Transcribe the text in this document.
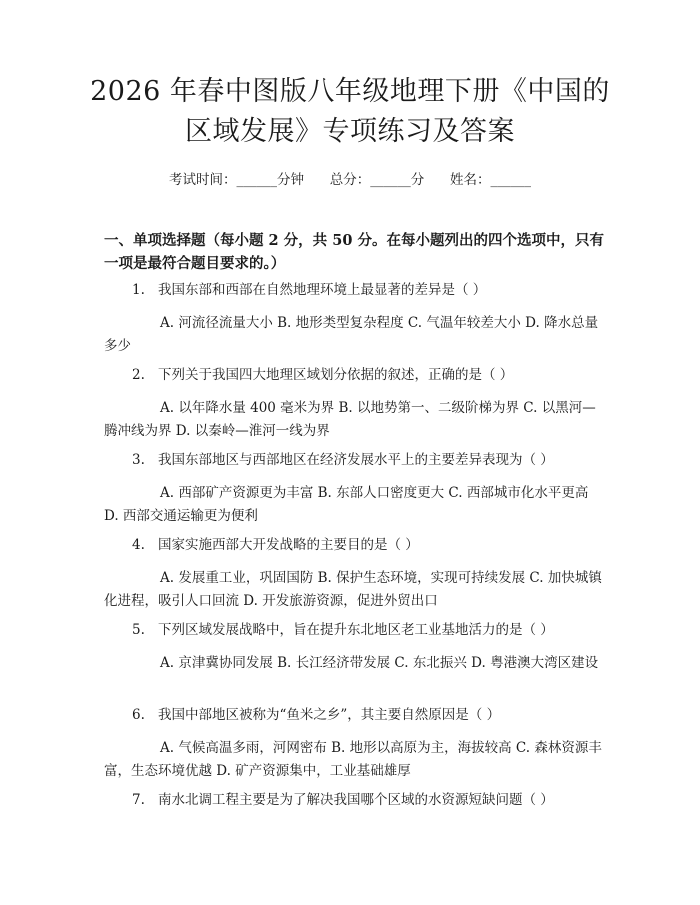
2026 年春中图版八年级地理下册《中国的区域发展》专项练习及答案
考试时间：______分钟      总分：______分      姓名：______
一、单项选择题（每小题 2 分，共 50 分。在每小题列出的四个选项中，只有一项是最符合题目要求的。）
1. 我国东部和西部在自然地理环境上最显著的差异是（ ）
A. 河流径流量大小 B. 地形类型复杂程度 C. 气温年较差大小 D. 降水总量多少
2. 下列关于我国四大地理区域划分依据的叙述，正确的是（ ）
A. 以年降水量 400 毫米为界 B. 以地势第一、二级阶梯为界 C. 以黑河—腾冲线为界 D. 以秦岭—淮河一线为界
3. 我国东部地区与西部地区在经济发展水平上的主要差异表现为（ ）
A. 西部矿产资源更为丰富 B. 东部人口密度更大 C. 西部城市化水平更高 D. 西部交通运输更为便利
4. 国家实施西部大开发战略的主要目的是（ ）
A. 发展重工业，巩固国防 B. 保护生态环境，实现可持续发展 C. 加快城镇化进程，吸引人口回流 D. 开发旅游资源，促进外贸出口
5. 下列区域发展战略中，旨在提升东北地区老工业基地活力的是（ ）
A. 京津冀协同发展 B. 长江经济带发展 C. 东北振兴 D. 粤港澳大湾区建设
6. 我国中部地区被称为“鱼米之乡”，其主要自然原因是（ ）
A. 气候高温多雨，河网密布 B. 地形以高原为主，海拔较高 C. 森林资源丰富，生态环境优越 D. 矿产资源集中，工业基础雄厚
7. 南水北调工程主要是为了解决我国哪个区域的水资源短缺问题（ ）
